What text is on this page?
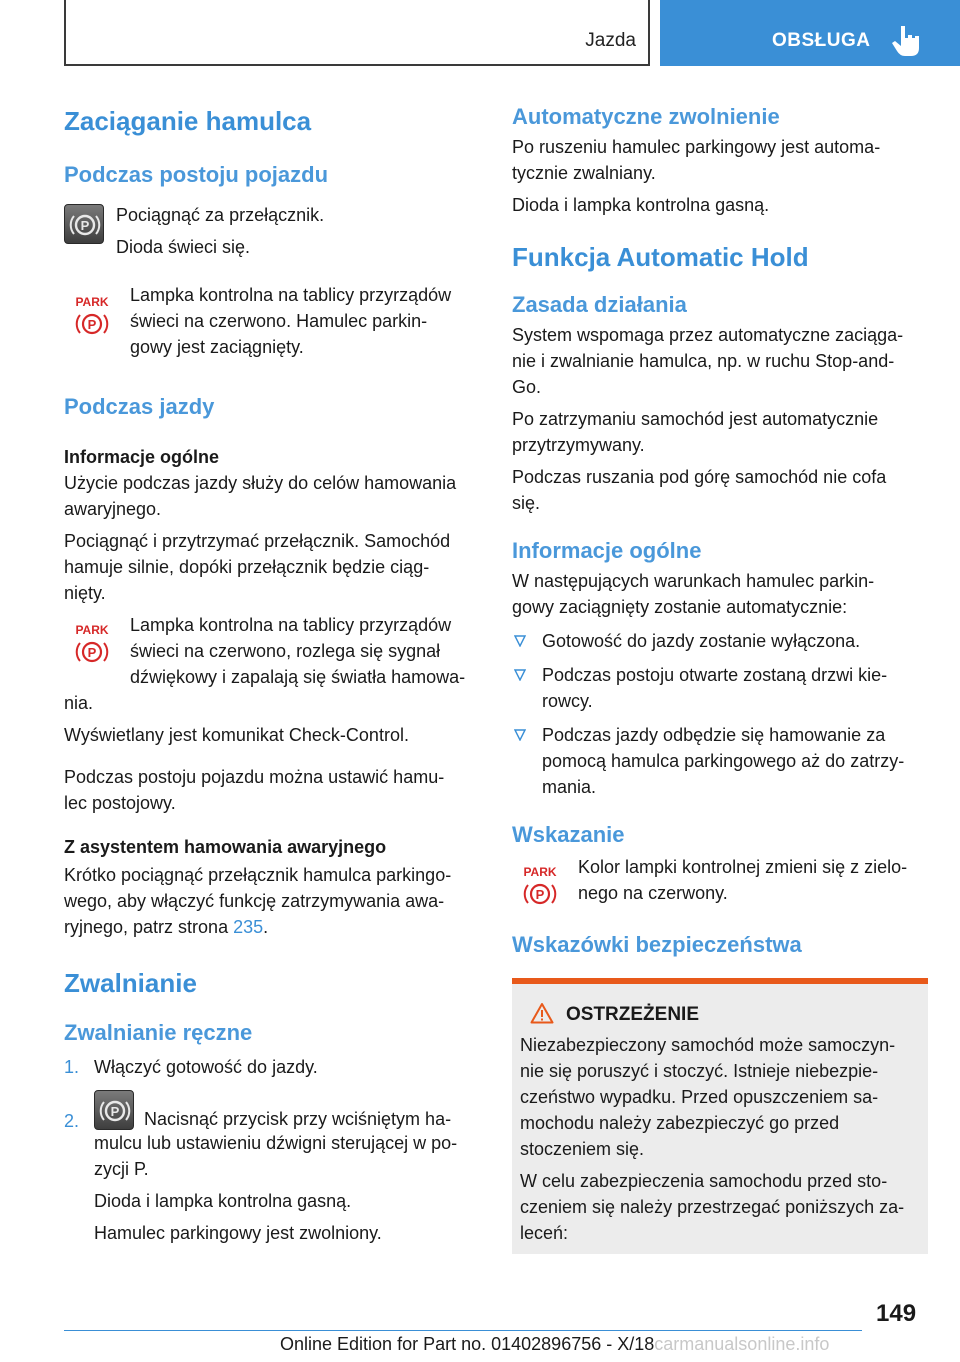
Jazda	OBSŁUGA
Zaciąganie hamulca
Podczas postoju pojazdu
P
Pociągnąć za przełącznik.
Dioda świeci się.
PARK
P
Lampka kontrolna na tablicy przyrządów
świeci na czerwono. Hamulec parkin-
gowy jest zaciągnięty.
Podczas jazdy
Informacje ogólne
Użycie podczas jazdy służy do celów hamowania
awaryjnego.
Pociągnąć i przytrzymać przełącznik. Samochód
hamuje silnie, dopóki przełącznik będzie ciąg-
nięty.
PARK
P
Lampka kontrolna na tablicy przyrządów
świeci na czerwono, rozlega się sygnał
dźwiękowy i zapalają się światła hamowa-
nia.
Wyświetlany jest komunikat Check-Control.
Podczas postoju pojazdu można ustawić hamu-
lec postojowy.
Z asystentem hamowania awaryjnego
Krótko pociągnąć przełącznik hamulca parkingo-
wego, aby włączyć funkcję zatrzymywania awa-
ryjnego, patrz strona 235.
Zwalnianie
Zwalnianie ręczne
1. Włączyć gotowość do jazdy.
2. P Nacisnąć przycisk przy wciśniętym ha-
mulcu lub ustawieniu dźwigni sterującej w po-
zycji P.
Dioda i lampka kontrolna gasną.
Hamulec parkingowy jest zwolniony.
Automatyczne zwolnienie
Po ruszeniu hamulec parkingowy jest automa-
tycznie zwalniany.
Dioda i lampka kontrolna gasną.
Funkcja Automatic Hold
Zasada działania
System wspomaga przez automatyczne zaciąga-
nie i zwalnianie hamulca, np. w ruchu Stop-and-
Go.
Po zatrzymaniu samochód jest automatycznie
przytrzymywany.
Podczas ruszania pod górę samochód nie cofa
się.
Informacje ogólne
W następujących warunkach hamulec parkin-
gowy zaciągnięty zostanie automatycznie:
Gotowość do jazdy zostanie wyłączona.
Podczas postoju otwarte zostaną drzwi kie-
rowcy.
Podczas jazdy odbędzie się hamowanie za
pomocą hamulca parkingowego aż do zatrzy-
mania.
Wskazanie
PARK
P
Kolor lampki kontrolnej zmieni się z zielo-
nego na czerwony.
Wskazówki bezpieczeństwa
OSTRZEŻENIE
Niezabezpieczony samochód może samoczyn-
nie się poruszyć i stoczyć. Istnieje niebezpie-
czeństwo wypadku. Przed opuszczeniem sa-
mochodu należy zabezpieczyć go przed
stoczeniem się.
W celu zabezpieczenia samochodu przed sto-
czeniem się należy przestrzegać poniższych za-
leceń:
149
Online Edition for Part no. 01402896756 - X/18carmanualsonline.info
